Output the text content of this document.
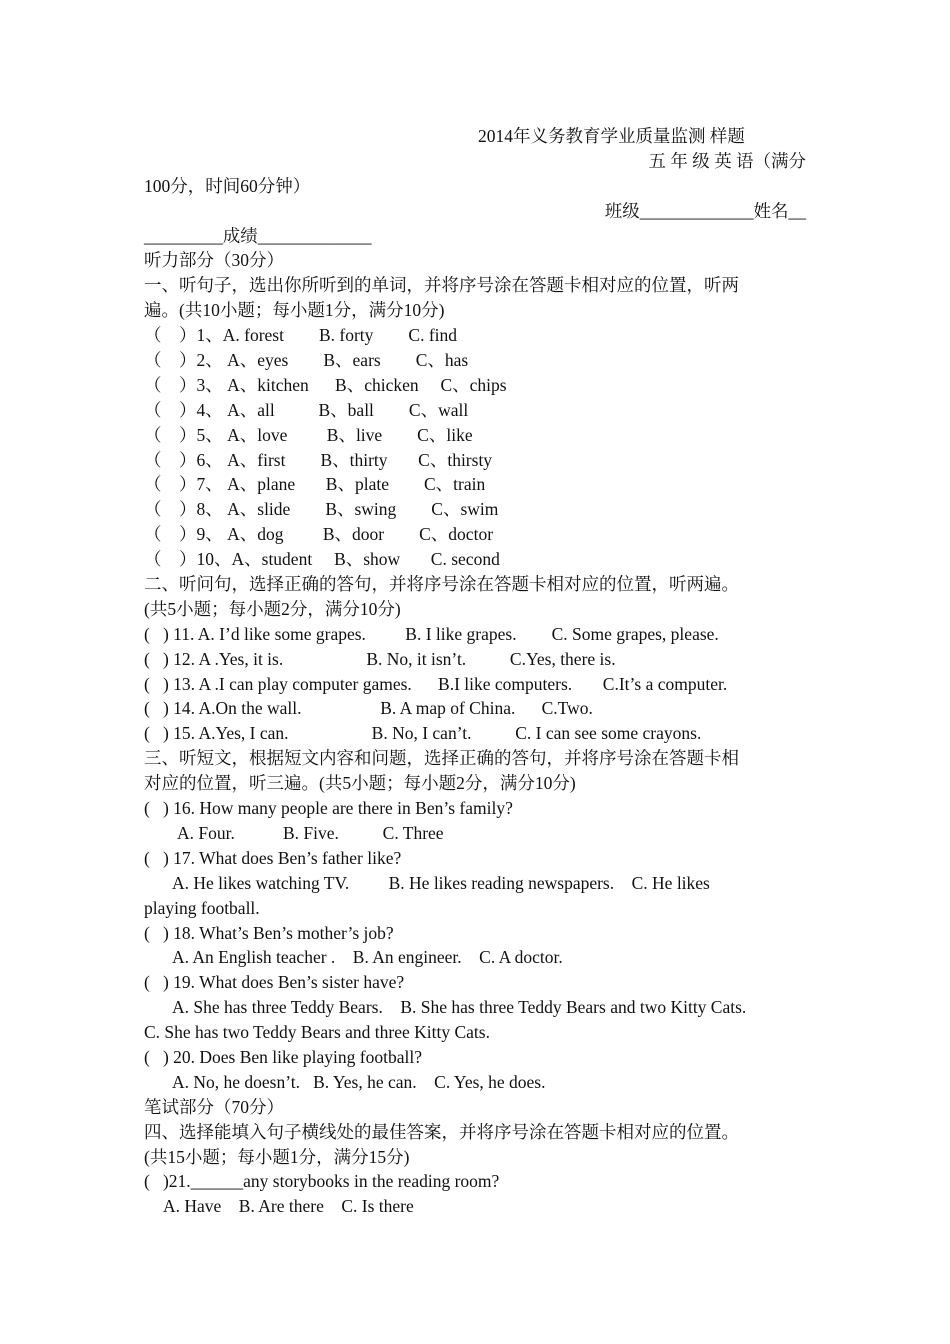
2014年义务教育学业质量监测 样题
五 年 级 英 语（满分
100分，时间60分钟）
班级_____________姓名__
_________成绩_____________
听力部分（30分）
一、听句子，选出你所听到的单词，并将序号涂在答题卡相对应的位置，听两
遍。(共10小题；每小题1分，满分10分)
（　）1、A. forest        B. forty        C. find
（　）2、 A、eyes        B、ears        C、has
（　）3、 A、kitchen      B、chicken     C、chips
（　）4、 A、all          B、ball        C、wall
（　）5、 A、love         B、live        C、like
（　）6、 A、first        B、thirty       C、thirsty
（　）7、 A、plane       B、plate        C、train
（　）8、 A、slide        B、swing        C、swim
（　）9、 A、dog         B、door        C、doctor
（　）10、A、student     B、show       C. second
二、听问句，选择正确的答句，并将序号涂在答题卡相对应的位置，听两遍。
(共5小题；每小题2分，满分10分)
(   ) 11. A. I’d like some grapes.         B. I like grapes.        C. Some grapes, please.
(   ) 12. A .Yes, it is.                   B. No, it isn’t.          C.Yes, there is.
(   ) 13. A .I can play computer games.      B.I like computers.       C.It’s a computer.
(   ) 14. A.On the wall.                  B. A map of China.      C.Two.
(   ) 15. A.Yes, I can.                   B. No, I can’t.          C. I can see some crayons.
三、听短文，根据短文内容和问题，选择正确的答句，并将序号涂在答题卡相
对应的位置，听三遍。(共5小题；每小题2分，满分10分)
(   ) 16. How many people are there in Ben’s family?
A. Four.           B. Five.          C. Three
(   ) 17. What does Ben’s father like?
A. He likes watching TV.         B. He likes reading newspapers.    C. He likes
playing football.
(   ) 18. What’s Ben’s mother’s job?
A. An English teacher .    B. An engineer.    C. A doctor.
(   ) 19. What does Ben’s sister have?
A. She has three Teddy Bears.    B. She has three Teddy Bears and two Kitty Cats.
C. She has two Teddy Bears and three Kitty Cats.
(   ) 20. Does Ben like playing football?
A. No, he doesn’t.   B. Yes, he can.    C. Yes, he does.
笔试部分（70分）
四、选择能填入句子横线处的最佳答案，并将序号涂在答题卡相对应的位置。
(共15小题；每小题1分，满分15分)
(   )21.______any storybooks in the reading room?
A. Have    B. Are there    C. Is there
